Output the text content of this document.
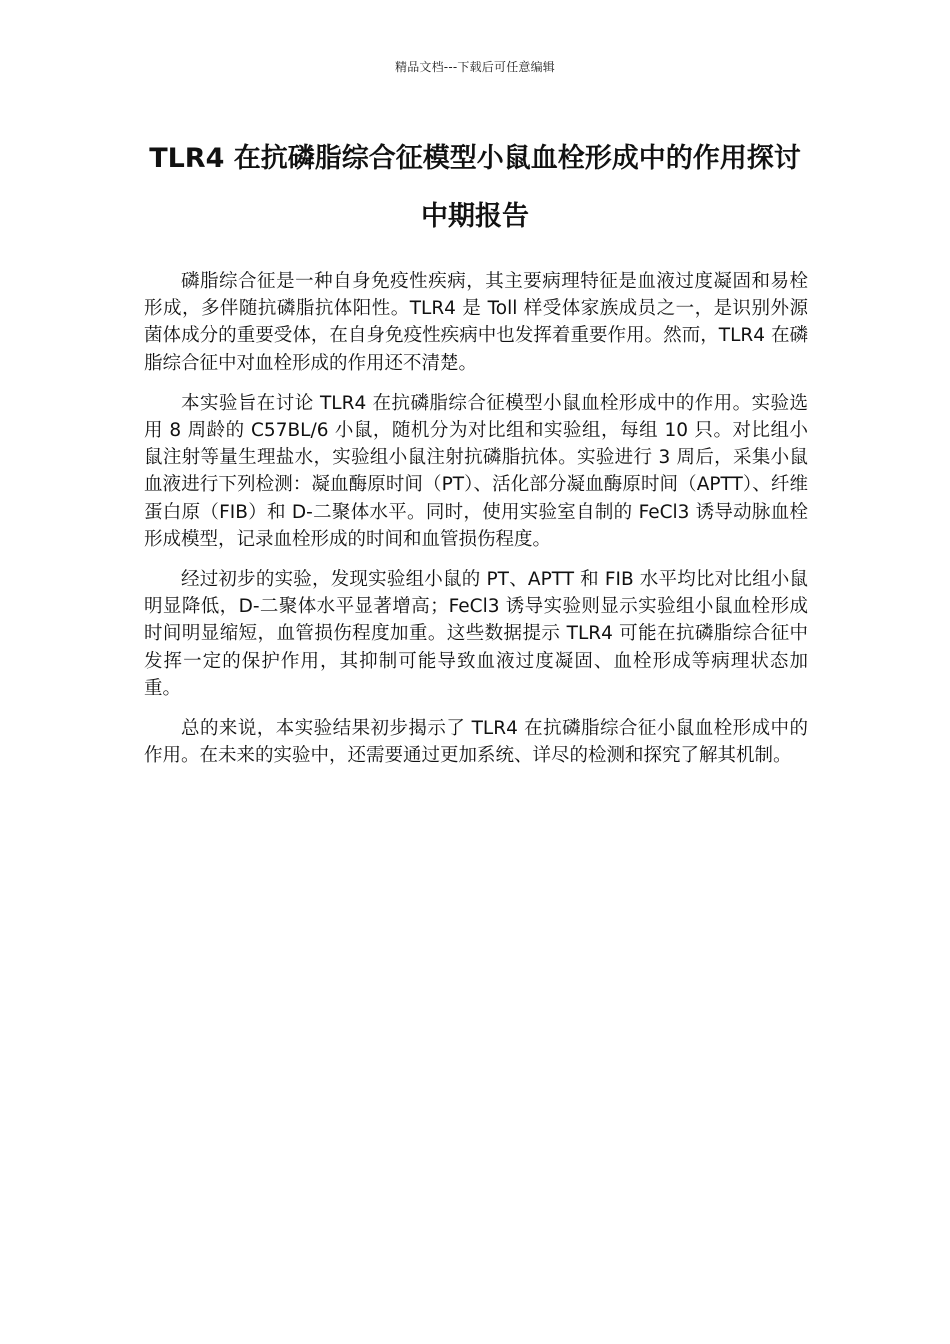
精品文档---下载后可任意编辑
TLR4 在抗磷脂综合征模型小鼠血栓形成中的作用探讨中期报告

磷脂综合征是一种自身免疫性疾病，其主要病理特征是血液过度凝固和易栓形成，多伴随抗磷脂抗体阳性。TLR4 是 Toll 样受体家族成员之一，是识别外源菌体成分的重要受体，在自身免疫性疾病中也发挥着重要作用。然而，TLR4 在磷脂综合征中对血栓形成的作用还不清楚。

本实验旨在讨论 TLR4 在抗磷脂综合征模型小鼠血栓形成中的作用。实验选用 8 周龄的 C57BL/6 小鼠，随机分为对比组和实验组，每组 10 只。对比组小鼠注射等量生理盐水，实验组小鼠注射抗磷脂抗体。实验进行 3 周后，采集小鼠血液进行下列检测：凝血酶原时间（PT）、活化部分凝血酶原时间（APTT）、纤维蛋白原（FIB）和 D-二聚体水平。同时，使用实验室自制的 FeCl3 诱导动脉血栓形成模型，记录血栓形成的时间和血管损伤程度。

经过初步的实验，发现实验组小鼠的 PT、APTT 和 FIB 水平均比对比组小鼠明显降低，D-二聚体水平显著增高；FeCl3 诱导实验则显示实验组小鼠血栓形成时间明显缩短，血管损伤程度加重。这些数据提示 TLR4 可能在抗磷脂综合征中发挥一定的保护作用，其抑制可能导致血液过度凝固、血栓形成等病理状态加重。

总的来说，本实验结果初步揭示了 TLR4 在抗磷脂综合征小鼠血栓形成中的作用。在未来的实验中，还需要通过更加系统、详尽的检测和探究了解其机制。
